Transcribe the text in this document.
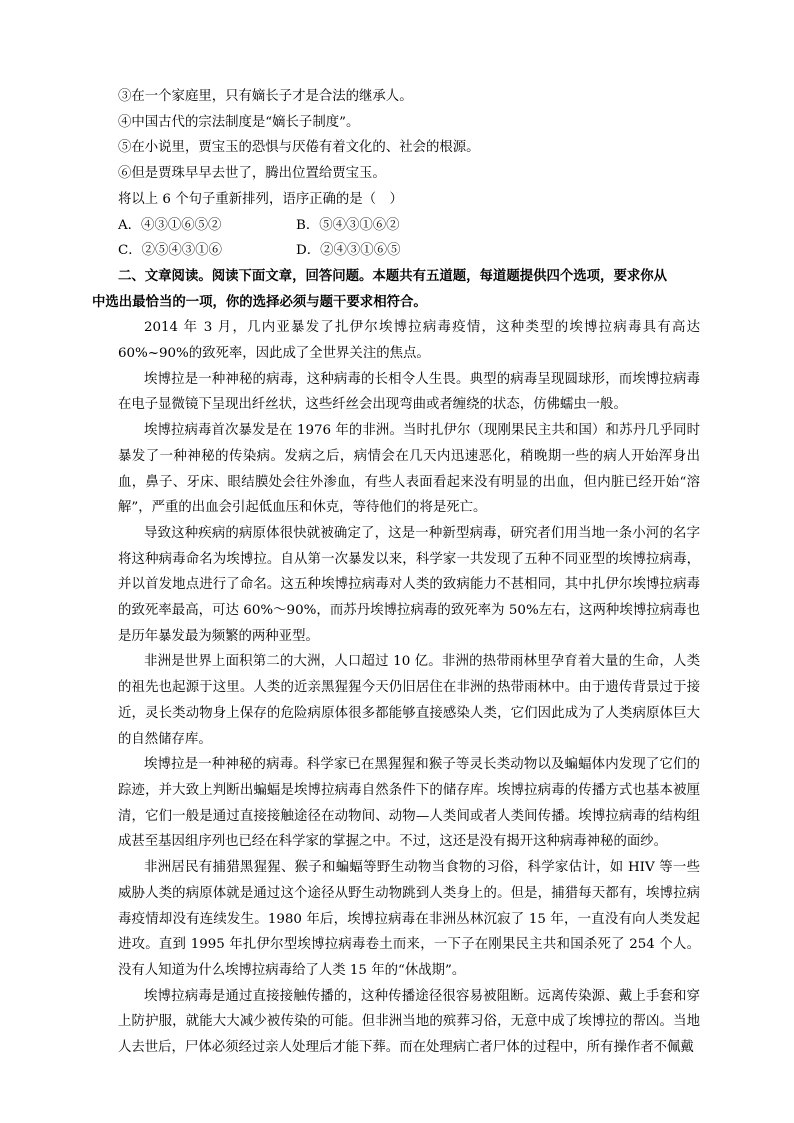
③在一个家庭里，只有嫡长子才是合法的继承人。
④中国古代的宗法制度是“嫡长子制度”。
⑤在小说里，贾宝玉的恐惧与厌倦有着文化的、社会的根源。
⑥但是贾珠早早去世了，腾出位置给贾宝玉。
将以上 6 个句子重新排列，语序正确的是（　）
A．④③①⑥⑤②	B．⑤④③①⑥②
C．②⑤④③①⑥	D．②④③①⑥⑤
二、文章阅读。阅读下面文章，回答问题。本题共有五道题，每道题提供四个选项，要求你从
中选出最恰当的一项，你的选择必须与题干要求相符合。

2014 年 3 月，几内亚暴发了扎伊尔埃博拉病毒疫情，这种类型的埃博拉病毒具有高达 60%~90%的致死率，因此成了全世界关注的焦点。

埃博拉是一种神秘的病毒，这种病毒的长相令人生畏。典型的病毒呈现圆球形，而埃博拉病毒在电子显微镜下呈现出纤丝状，这些纤丝会出现弯曲或者缠绕的状态，仿佛蠕虫一般。

埃博拉病毒首次暴发是在 1976 年的非洲。当时扎伊尔（现刚果民主共和国）和苏丹几乎同时暴发了一种神秘的传染病。发病之后，病情会在几天内迅速恶化，稍晚期一些的病人开始浑身出血，鼻子、牙床、眼结膜处会往外渗血，有些人表面看起来没有明显的出血，但内脏已经开始“溶解”，严重的出血会引起低血压和休克，等待他们的将是死亡。

导致这种疾病的病原体很快就被确定了，这是一种新型病毒，研究者们用当地一条小河的名字将这种病毒命名为埃博拉。自从第一次暴发以来，科学家一共发现了五种不同亚型的埃博拉病毒，并以首发地点进行了命名。这五种埃博拉病毒对人类的致病能力不甚相同，其中扎伊尔埃博拉病毒的致死率最高，可达 60%～90%，而苏丹埃博拉病毒的致死率为 50%左右，这两种埃博拉病毒也是历年暴发最为频繁的两种亚型。

非洲是世界上面积第二的大洲，人口超过 10 亿。非洲的热带雨林里孕育着大量的生命，人类的祖先也起源于这里。人类的近亲黑猩猩今天仍旧居住在非洲的热带雨林中。由于遗传背景过于接近，灵长类动物身上保存的危险病原体很多都能够直接感染人类，它们因此成为了人类病原体巨大的自然储存库。

埃博拉是一种神秘的病毒。科学家已在黑猩猩和猴子等灵长类动物以及蝙蝠体内发现了它们的踪迹，并大致上判断出蝙蝠是埃博拉病毒自然条件下的储存库。埃博拉病毒的传播方式也基本被厘清，它们一般是通过直接接触途径在动物间、动物—人类间或者人类间传播。埃博拉病毒的结构组成甚至基因组序列也已经在科学家的掌握之中。不过，这还是没有揭开这种病毒神秘的面纱。

非洲居民有捕猎黑猩猩、猴子和蝙蝠等野生动物当食物的习俗，科学家估计，如 HIV 等一些威胁人类的病原体就是通过这个途径从野生动物跳到人类身上的。但是，捕猎每天都有，埃博拉病毒疫情却没有连续发生。1980 年后，埃博拉病毒在非洲丛林沉寂了 15 年，一直没有向人类发起进攻。直到 1995 年扎伊尔型埃博拉病毒卷土而来，一下子在刚果民主共和国杀死了 254 个人。没有人知道为什么埃博拉病毒给了人类 15 年的“休战期”。

埃博拉病毒是通过直接接触传播的，这种传播途径很容易被阻断。远离传染源、戴上手套和穿上防护服，就能大大减少被传染的可能。但非洲当地的殡葬习俗，无意中成了埃博拉的帮凶。当地人去世后，尸体必须经过亲人处理后才能下葬。而在处理病亡者尸体的过程中，所有操作者不佩戴
